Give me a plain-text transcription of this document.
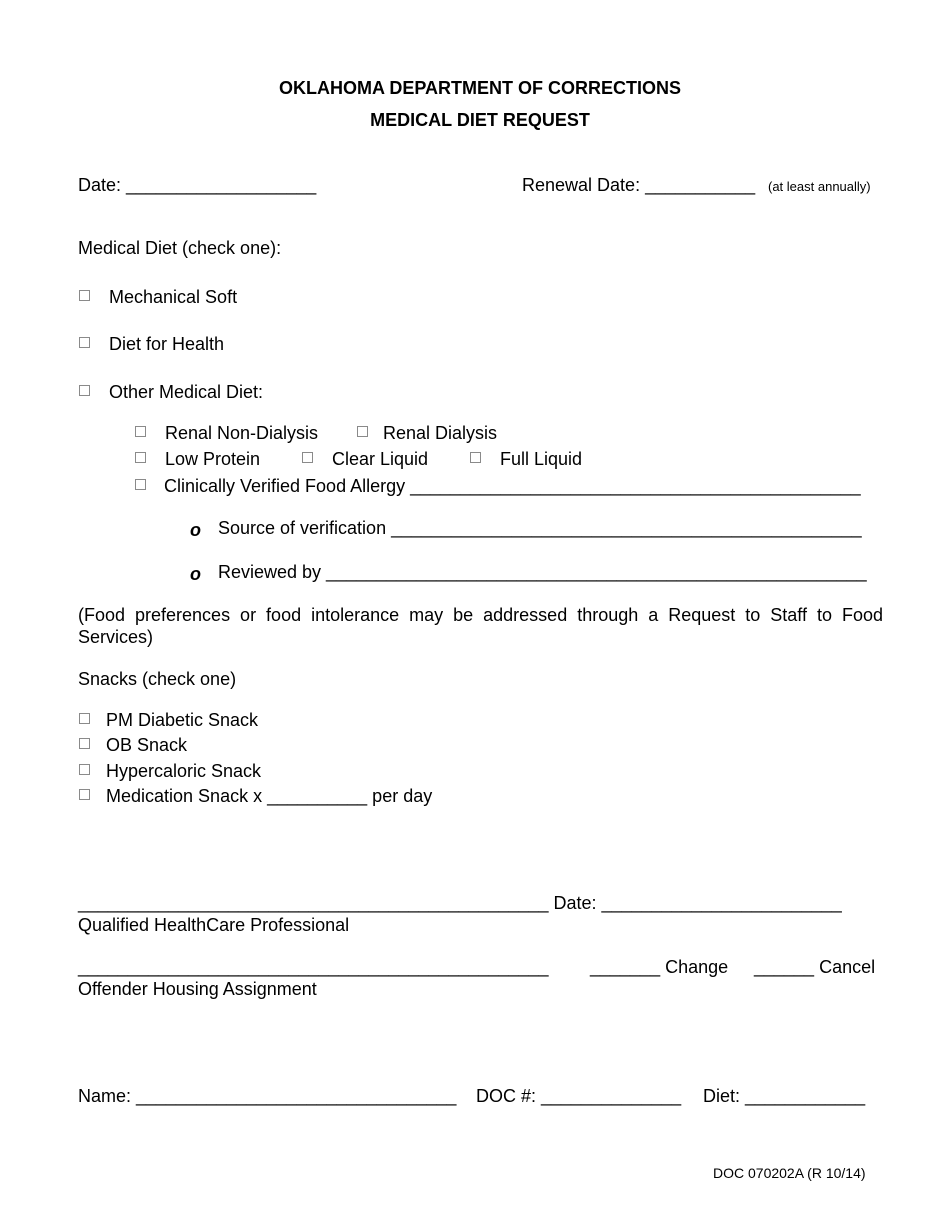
OKLAHOMA DEPARTMENT OF CORRECTIONS
MEDICAL DIET REQUEST
Date: ___________________	Renewal Date: ___________ (at least annually)
Medical Diet (check one):
Mechanical Soft
Diet for Health
Other Medical Diet:
Renal Non-Dialysis	Renal Dialysis
Low Protein	Clear Liquid	Full Liquid
Clinically Verified Food Allergy _____________________________________________
o Source of verification _______________________________________________
o Reviewed by ______________________________________________________
(Food preferences or food intolerance may be addressed through a Request to Staff to Food Services)
Snacks (check one)
PM Diabetic Snack
OB Snack
Hypercaloric Snack
Medication Snack x __________ per day
_______________________________________________ Date: ________________________
Qualified HealthCare Professional
_______________________________________________ _______ Change ______ Cancel
Offender Housing Assignment
Name: ________________________________ DOC #: ______________ Diet: ____________
DOC 070202A (R 10/14)
